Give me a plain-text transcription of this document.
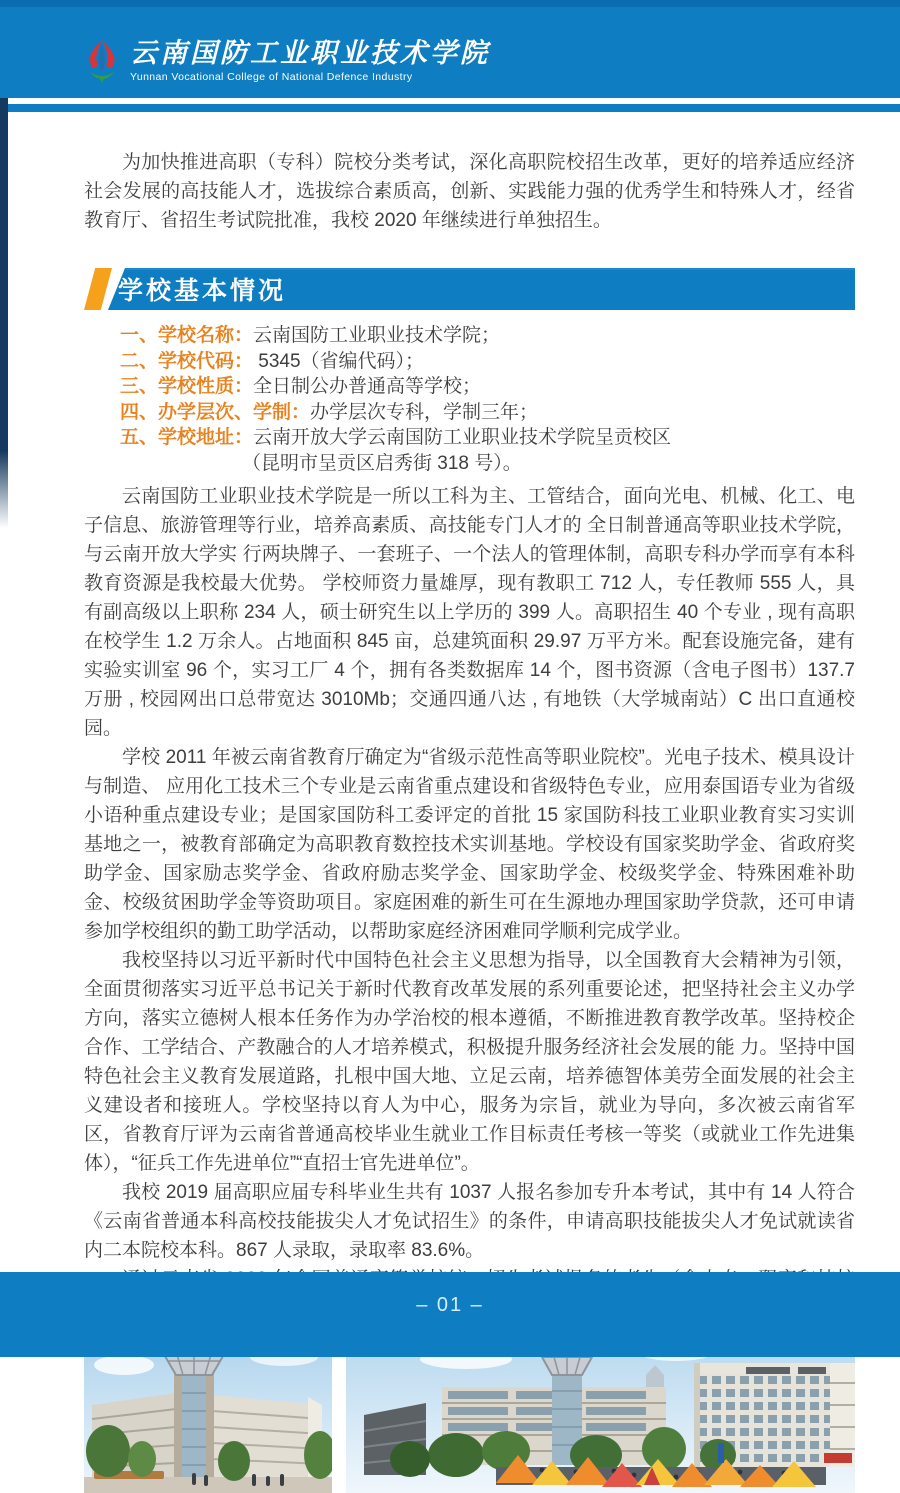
云南国防工业职业技术学院
Yunnan Vocational College of National Defence Industry

为加快推进高职（专科）院校分类考试，深化高职院校招生改革，更好的培养适应经济社会发展的高技能人才，选拔综合素质高，创新、实践能力强的优秀学生和特殊人才，经省教育厅、省招生考试院批准，我校 2020 年继续进行单独招生。

学校基本情况
一、学校名称：云南国防工业职业技术学院；
二、学校代码： 5345（省编代码）；
三、学校性质：全日制公办普通高等学校；
四、办学层次、学制：办学层次专科，学制三年；
五、学校地址：云南开放大学云南国防工业职业技术学院呈贡校区
（昆明市呈贡区启秀街 318 号）。

云南国防工业职业技术学院是一所以工科为主、工管结合，面向光电、机械、化工、电子信息、旅游管理等行业，培养高素质、高技能专门人才的 全日制普通高等职业技术学院，与云南开放大学实 行两块牌子、一套班子、一个法人的管理体制，高职专科办学而享有本科教育资源是我校最大优势。 学校师资力量雄厚，现有教职工 712 人，专任教师 555 人，具有副高级以上职称 234 人，硕士研究生以上学历的 399 人。高职招生 40 个专业 , 现有高职在校学生 1.2 万余人。占地面积 845 亩，总建筑面积 29.97 万平方米。配套设施完备，建有实验实训室 96 个，实习工厂 4 个，拥有各类数据库 14 个，图书资源（含电子图书）137.7 万册 , 校园网出口总带宽达 3010Mb；交通四通八达 , 有地铁（大学城南站）C 出口直通校园。

学校 2011 年被云南省教育厅确定为“省级示范性高等职业院校”。光电子技术、模具设计与制造、 应用化工技术三个专业是云南省重点建设和省级特色专业，应用泰国语专业为省级小语种重点建设专业；是国家国防科工委评定的首批 15 家国防科技工业职业教育实习实训基地之一，被教育部确定为高职教育数控技术实训基地。学校设有国家奖助学金、省政府奖助学金、国家励志奖学金、省政府励志奖学金、国家助学金、校级奖学金、特殊困难补助金、校级贫困助学金等资助项目。家庭困难的新生可在生源地办理国家助学贷款，还可申请参加学校组织的勤工助学活动，以帮助家庭经济困难同学顺利完成学业。

我校坚持以习近平新时代中国特色社会主义思想为指导，以全国教育大会精神为引领，全面贯彻落实习近平总书记关于新时代教育改革发展的系列重要论述，把坚持社会主义办学方向，落实立德树人根本任务作为办学治校的根本遵循，不断推进教育教学改革。坚持校企合作、工学结合、产教融合的人才培养模式，积极提升服务经济社会发展的能 力。坚持中国特色社会主义教育发展道路，扎根中国大地、立足云南，培养德智体美劳全面发展的社会主义建设者和接班人。学校坚持以育人为中心，服务为宗旨，就业为导向，多次被云南省军区，省教育厅评为云南省普通高校毕业生就业工作目标责任考核一等奖（或就业工作先进集体），“征兵工作先进单位”“直招士官先进单位”。

我校 2019 届高职应届专科毕业生共有 1037 人报名参加专升本考试，其中有 14 人符合《云南省普通本科高校技能拔尖人才免试招生》的条件，申请高职技能拔尖人才免试就读省内二本院校本科。867 人录取，录取率 83.6%。

– 01 –
